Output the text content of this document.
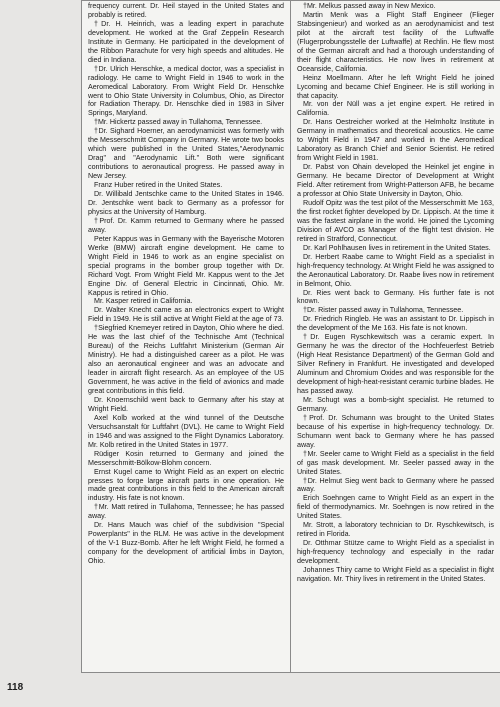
frequency current. Dr. Heil stayed in the United States and probably is retired.

†Dr. H. Heinrich, was a leading expert in parachute development. He worked at the Graf Zeppelin Research Institute in Germany. He participated in the development of the Ribbon Parachute for very high speeds and altitudes. He died in Indiana.

†Dr. Ulrich Henschke, a medical doctor, was a specialist in radiology. He came to Wright Field in 1946 to work in the Aeromedical Laboratory. From Wright Field Dr. Henschke went to Ohio State University in Columbus, Ohio, as Director for Radiation Therapy. Dr. Henschke died in 1983 in Silver Springs, Maryland.

†Mr. Hickertz passed away in Tullahoma, Tennessee.

†Dr. Sighard Hoerner, an aerodynamicist was formerly with the Messerschmitt Company in Germany. He wrote two books which were published in the United States,"Aerodynamic Drag" and "Aerodynamic Lift." Both were significant contributions to aeronautical progress. He passed away in New Jersey.

Franz Huber retired in the United States.

Dr. Willibald Jentschke came to the United States in 1946. Dr. Jentschke went back to Germany as a professor for physics at the University of Hamburg.

†Prof. Dr. Kamm returned to Germany where he passed away.

Peter Kappus was in Germany with the Bayerische Motoren Werke (BMW) aircraft engine development. He came to Wright Field in 1946 to work as an engine specialist on special programs in the bomber group together with Dr. Richard Vogt. From Wright Field Mr. Kappus went to the Jet Engine Div. of General Electric in Cincinnati, Ohio. Mr. Kappus is retired in Ohio.

Mr. Kasper retired in California.

Dr. Walter Knecht came as an electronics expert to Wright Field in 1949. He is still active at Wright Field at the age of 73.

†Siegfried Knemeyer retired in Dayton, Ohio where he died. He was the last chief of the Technische Amt (Technical Bureau) of the Reichs Luftfahrt Ministerium (German Air Ministry). He had a distinguished career as a pilot. He was also an aeronautical engineer and was an advocate and leader in aircraft flight research. As an employee of the US Government, he was active in the field of avionics and made great contributions in this field.

Dr. Knoernschild went back to Germany after his stay at Wright Field.

Axel Kolb worked at the wind tunnel of the Deutsche Versuchsanstalt für Luftfahrt (DVL). He came to Wright Field in 1946 and was assigned to the Flight Dynamics Laboratory. Mr. Kolb retired in the United States in 1977.

Rüdiger Kosin returned to Germany and joined the Messerschmitt-Bölkow-Blohm concern.

Ernst Kugel came to Wright Field as an expert on electric presses to forge large aircraft parts in one operation. He made great contributions in this field to the American aircraft industry. His fate is not known.

†Mr. Matt retired in Tullahoma, Tennessee; he has passed away.

Dr. Hans Mauch was chief of the subdivision "Special Powerplants" in the RLM. He was active in the development of the V-1 Buzz-Bomb. After he left Wright Field, he formed a company for the development of artificial limbs in Dayton, Ohio.

†Mr. Melkus passed away in New Mexico.

Martin Menk was a Flight Staff Engineer (Flieger Stabsingenieur) and worked as an aerodynamicist and test pilot at the aircraft test facility of the Luftwaffe (Flugerprobungsstelle der Luftwaffe) at Rechlin. He flew most of the German aircraft and had a thorough understanding of their flight characteristics. He now lives in retirement at Oceanside, California.

Heinz Moellmann. After he left Wright Field he joined Lycoming and became Chief Engineer. He is still working in that capacity.

Mr. von der Nüll was a jet engine expert. He retired in California.

Dr. Hans Oestreicher worked at the Helmholtz Institute in Germany in mathematics and theoretical acoustics. He came to Wright Field in 1947 and worked in the Aeromedical Laboratory as Branch Chief and Senior Scientist. He retired from Wright Field in 1981.

Dr. Pabst von Ohain developed the Heinkel jet engine in Germany. He became Director of Development at Wright Field. After retirement from Wright-Patterson AFB, he became a professor at Ohio State University in Dayton, Ohio.

Rudolf Opitz was the test pilot of the Messerschmitt Me 163, the first rocket fighter developed by Dr. Lippisch. At the time it was the fastest airplane in the world. He joined the Lycoming Division of AVCO as Manager of the flight test division. He retired in Stratford, Connecticut.

Dr. Karl Pohlhausen lives in retirement in the United States.

Dr. Herbert Raabe came to Wright Field as a specialist in high-frequency technology. At Wright Field he was assigned to the Aeronautical Laboratory. Dr. Raabe lives now in retirement in Belmont, Ohio.

Dr. Ries went back to Germany. His further fate is not known.

†Dr. Rister passed away in Tullahoma, Tennessee.

Dr. Friedrich Ringleb. He was an assistant to Dr. Lippisch in the development of the Me 163. His fate is not known.

†Dr. Eugen Ryschkewitsch was a ceramic expert. In Germany he was the director of the Hochfeuerfest Betrieb (High Heat Resistance Department) of the German Gold and Silver Refinery in Frankfurt. He investigated and developed Aluminum and Chromium Oxides and was responsible for the development of high-heat-resistant ceramic turbine blades. He has passed away.

Mr. Schugt was a bomb-sight specialist. He returned to Germany.

†Prof. Dr. Schumann was brought to the United States because of his expertise in high-frequency technology. Dr. Schumann went back to Germany where he has passed away.

†Mr. Seeler came to Wright Field as a specialist in the field of gas mask development. Mr. Seeler passed away in the United States.

†Dr. Helmut Sieg went back to Germany where he passed away.

Erich Soehngen came to Wright Field as an expert in the field of thermodynamics. Mr. Soehngen is now retired in the United States.

Mr. Strott, a laboratory technician to Dr. Ryschkewitsch, is retired in Florida.

Dr. Otthmar Stütze came to Wright Field as a specialist in high-frequency technology and especially in the radar development.

Johannes Thiry came to Wright Field as a specialist in flight navigation. Mr. Thiry lives in retirement in the United States.

118
